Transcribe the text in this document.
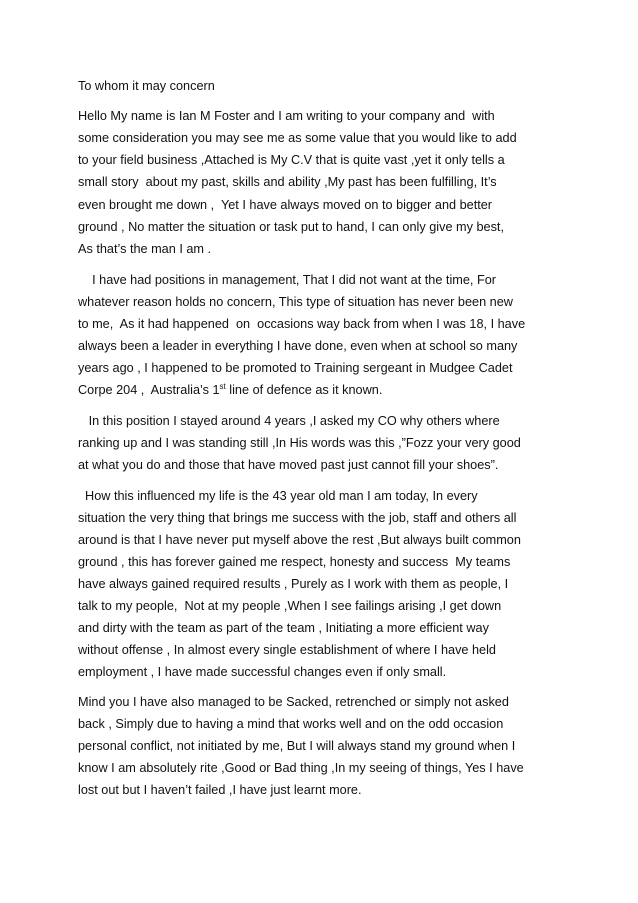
To whom it may concern
Hello My name is Ian M Foster and I am writing to your company and  with
some consideration you may see me as some value that you would like to add
to your field business ,Attached is My C.V that is quite vast ,yet it only tells a
small story  about my past, skills and ability ,My past has been fulfilling, It’s
even brought me down ,  Yet I have always moved on to bigger and better
ground , No matter the situation or task put to hand, I can only give my best,
As that’s the man I am .
I have had positions in management, That I did not want at the time, For
whatever reason holds no concern, This type of situation has never been new
to me,  As it had happened  on  occasions way back from when I was 18, I have
always been a leader in everything I have done, even when at school so many
years ago , I happened to be promoted to Training sergeant in Mudgee Cadet
Corpe 204 ,  Australia’s 1st line of defence as it known.
In this position I stayed around 4 years ,I asked my CO why others where
ranking up and I was standing still ,In His words was this ,”Fozz your very good
at what you do and those that have moved past just cannot fill your shoes”.
How this influenced my life is the 43 year old man I am today, In every
situation the very thing that brings me success with the job, staff and others all
around is that I have never put myself above the rest ,But always built common
ground , this has forever gained me respect, honesty and success  My teams
have always gained required results , Purely as I work with them as people, I
talk to my people,  Not at my people ,When I see failings arising ,I get down
and dirty with the team as part of the team , Initiating a more efficient way
without offense , In almost every single establishment of where I have held
employment , I have made successful changes even if only small.
Mind you I have also managed to be Sacked, retrenched or simply not asked
back , Simply due to having a mind that works well and on the odd occasion
personal conflict, not initiated by me, But I will always stand my ground when I
know I am absolutely rite ,Good or Bad thing ,In my seeing of things, Yes I have
lost out but I haven’t failed ,I have just learnt more.
